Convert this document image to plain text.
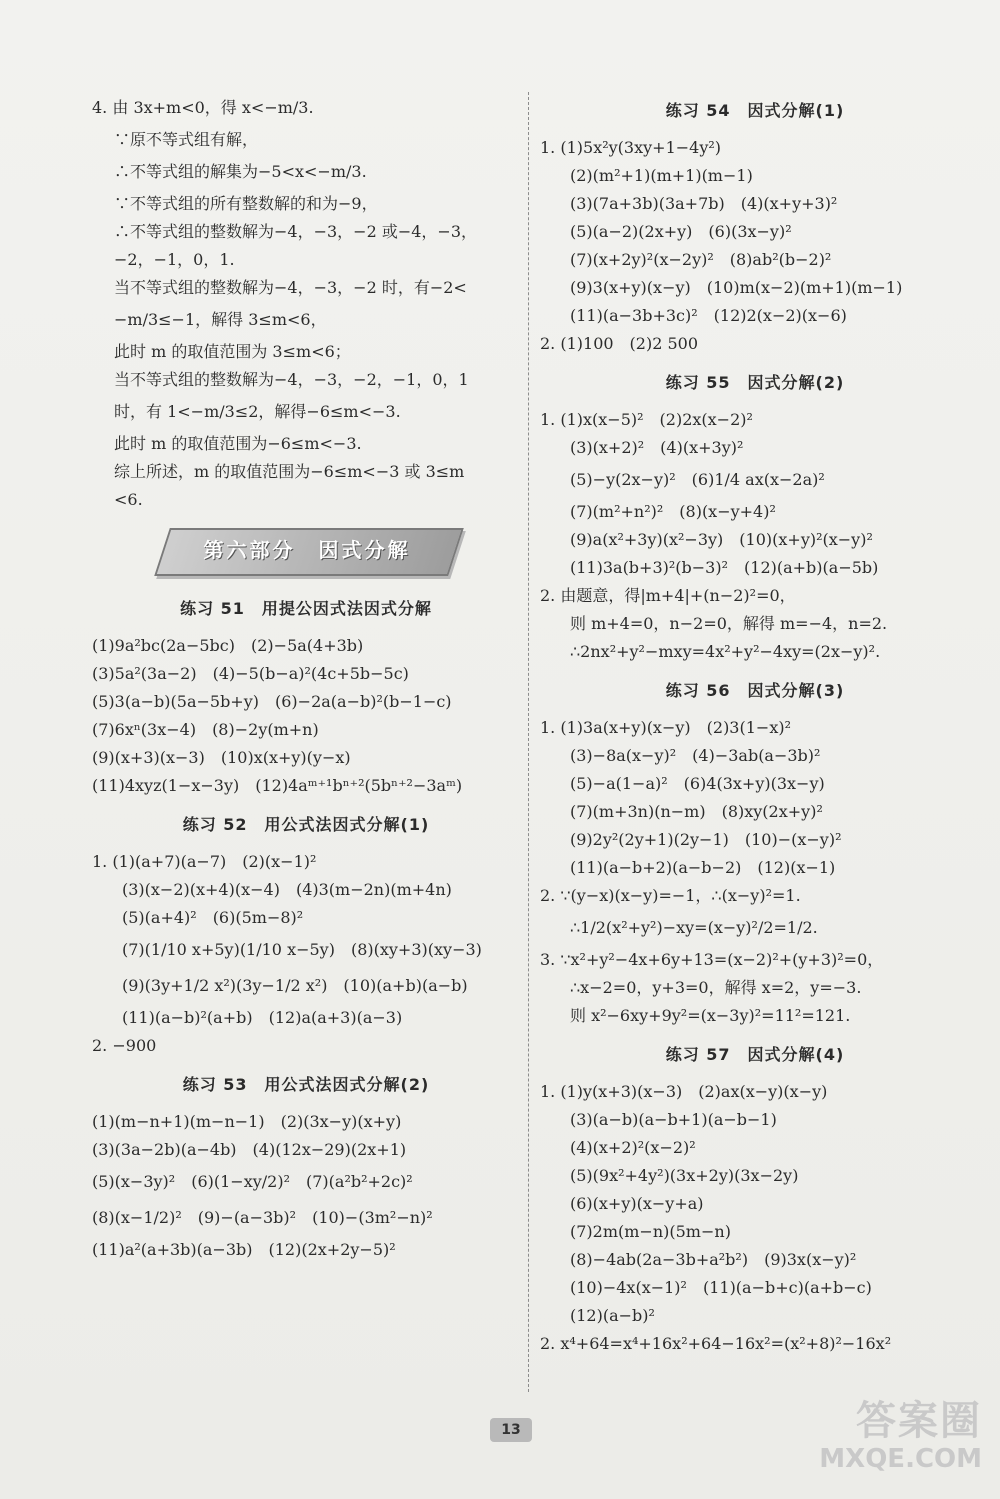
4. 由 3x+m<0，得 x<−m/3.
∵原不等式组有解，
∴不等式组的解集为−5<x<−m/3.
∵不等式组的所有整数解的和为−9，
∴不等式组的整数解为−4，−3，−2 或−4，−3，
−2，−1，0，1.
当不等式组的整数解为−4，−3，−2 时，有−2<
−m/3≤−1，解得 3≤m<6，
此时 m 的取值范围为 3≤m<6；
当不等式组的整数解为−4，−3，−2，−1，0，1
时，有 1<−m/3≤2，解得−6≤m<−3.
此时 m 的取值范围为−6≤m<−3.
综上所述，m 的取值范围为−6≤m<−3 或 3≤m
<6.
第六部分　因式分解
练习 51　用提公因式法因式分解
(1)9a²bc(2a−5bc)　(2)−5a(4+3b)
(3)5a²(3a−2)　(4)−5(b−a)²(4c+5b−5c)
(5)3(a−b)(5a−5b+y)　(6)−2a(a−b)²(b−1−c)
(7)6xⁿ(3x−4)　(8)−2y(m+n)
(9)(x+3)(x−3)　(10)x(x+y)(y−x)
(11)4xyz(1−x−3y)　(12)4aᵐ⁺¹bⁿ⁺²(5bⁿ⁺²−3aᵐ)
练习 52　用公式法因式分解(1)
1. (1)(a+7)(a−7)　(2)(x−1)²
(3)(x−2)(x+4)(x−4)　(4)3(m−2n)(m+4n)
(5)(a+4)²　(6)(5m−8)²
(7)(1/10 x+5y)(1/10 x−5y)　(8)(xy+3)(xy−3)
(9)(3y+1/2 x²)(3y−1/2 x²)　(10)(a+b)(a−b)
(11)(a−b)²(a+b)　(12)a(a+3)(a−3)
2. −900
练习 53　用公式法因式分解(2)
(1)(m−n+1)(m−n−1)　(2)(3x−y)(x+y)
(3)(3a−2b)(a−4b)　(4)(12x−29)(2x+1)
(5)(x−3y)²　(6)(1−xy/2)²　(7)(a²b²+2c)²
(8)(x−1/2)²　(9)−(a−3b)²　(10)−(3m²−n)²
(11)a²(a+3b)(a−3b)　(12)(2x+2y−5)²
练习 54　因式分解(1)
1. (1)5x²y(3xy+1−4y²)
(2)(m²+1)(m+1)(m−1)
(3)(7a+3b)(3a+7b)　(4)(x+y+3)²
(5)(a−2)(2x+y)　(6)(3x−y)²
(7)(x+2y)²(x−2y)²　(8)ab²(b−2)²
(9)3(x+y)(x−y)　(10)m(x−2)(m+1)(m−1)
(11)(a−3b+3c)²　(12)2(x−2)(x−6)
2. (1)100　(2)2 500
练习 55　因式分解(2)
1. (1)x(x−5)²　(2)2x(x−2)²
(3)(x+2)²　(4)(x+3y)²
(5)−y(2x−y)²　(6)1/4 ax(x−2a)²
(7)(m²+n²)²　(8)(x−y+4)²
(9)a(x²+3y)(x²−3y)　(10)(x+y)²(x−y)²
(11)3a(b+3)²(b−3)²　(12)(a+b)(a−5b)
2. 由题意，得|m+4|+(n−2)²=0，
则 m+4=0，n−2=0，解得 m=−4，n=2.
∴2nx²+y²−mxy=4x²+y²−4xy=(2x−y)².
练习 56　因式分解(3)
1. (1)3a(x+y)(x−y)　(2)3(1−x)²
(3)−8a(x−y)²　(4)−3ab(a−3b)²
(5)−a(1−a)²　(6)4(3x+y)(3x−y)
(7)(m+3n)(n−m)　(8)xy(2x+y)²
(9)2y²(2y+1)(2y−1)　(10)−(x−y)²
(11)(a−b+2)(a−b−2)　(12)(x−1)
2. ∵(y−x)(x−y)=−1，∴(x−y)²=1.
∴1/2(x²+y²)−xy=(x−y)²/2=1/2.
3. ∵x²+y²−4x+6y+13=(x−2)²+(y+3)²=0，
∴x−2=0，y+3=0，解得 x=2，y=−3.
则 x²−6xy+9y²=(x−3y)²=11²=121.
练习 57　因式分解(4)
1. (1)y(x+3)(x−3)　(2)ax(x−y)(x−y)
(3)(a−b)(a−b+1)(a−b−1)
(4)(x+2)²(x−2)²
(5)(9x²+4y²)(3x+2y)(3x−2y)
(6)(x+y)(x−y+a)
(7)2m(m−n)(5m−n)
(8)−4ab(2a−3b+a²b²)　(9)3x(x−y)²
(10)−4x(x−1)²　(11)(a−b+c)(a+b−c)
(12)(a−b)²
2. x⁴+64=x⁴+16x²+64−16x²=(x²+8)²−16x²
13	答案圈
MXQE.COM
